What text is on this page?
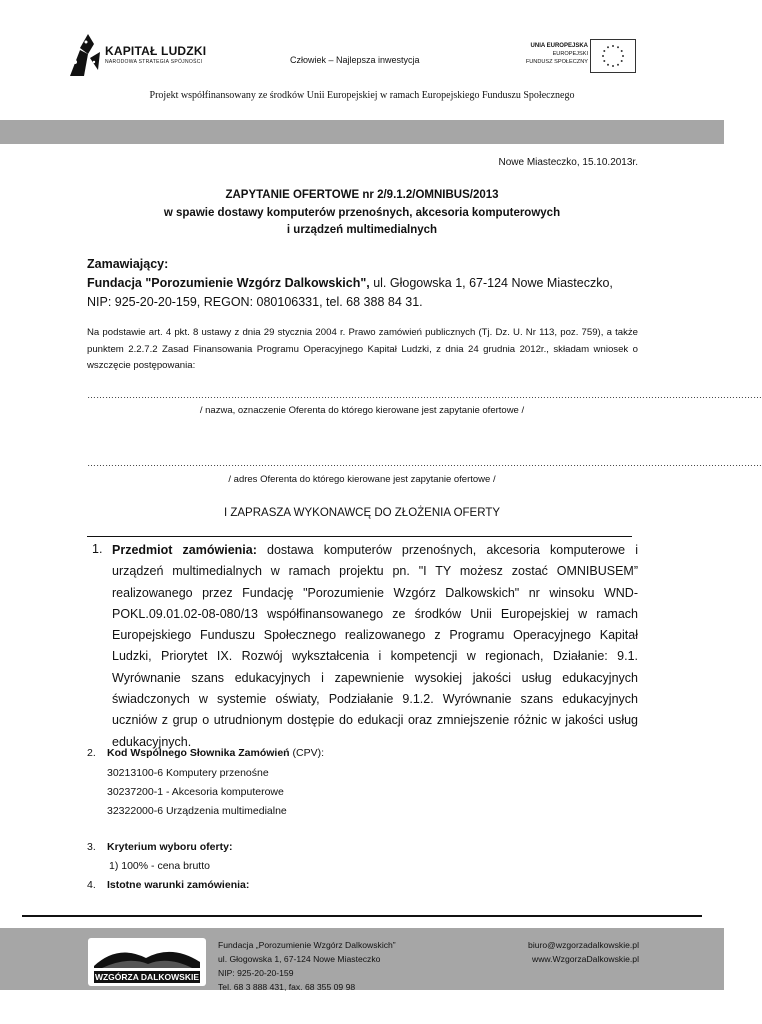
KAPITAŁ LUDZKI
NARODOWA STRATEGIA SPÓJNOŚCI	Człowiek – Najlepsza inwestycja
UNIA EUROPEJSKA
EUROPEJSKI
FUNDUSZ SPOŁECZNY
Projekt współfinansowany ze środków Unii Europejskiej w ramach Europejskiego Funduszu Społecznego
Nowe Miasteczko, 15.10.2013r.
ZAPYTANIE OFERTOWE nr 2/9.1.2/OMNIBUS/2013
w spawie dostawy komputerów przenośnych, akcesoria komputerowych
i urządzeń multimedialnych
Zamawiający:
Fundacja "Porozumienie Wzgórz Dalkowskich", ul. Głogowska 1, 67-124 Nowe Miasteczko,
NIP: 925-20-20-159, REGON: 080106331, tel. 68 388 84 31.
Na podstawie art. 4 pkt. 8 ustawy z dnia 29 stycznia 2004 r. Prawo zamówień publicznych (Tj. Dz. U. Nr 113, poz. 759), a także punktem 2.2.7.2 Zasad Finansowania Programu Operacyjnego Kapitał Ludzki, z dnia 24 grudnia 2012r., składam wniosek o wszczęcie postępowania:
………………………………………………………………………………………………………………………………………………………………………………………………………
/ nazwa, oznaczenie Oferenta do którego kierowane jest zapytanie ofertowe /
………………………………………………………………………………………………………………………………………………………………………………………………………
/ adres Oferenta do którego kierowane jest zapytanie ofertowe /
I ZAPRASZA WYKONAWCĘ DO ZŁOŻENIA OFERTY
1. Przedmiot zamówienia: dostawa komputerów przenośnych, akcesoria komputerowe i urządzeń multimedialnych w ramach projektu pn. "I TY możesz zostać OMNIBUSEM” realizowanego przez Fundację "Porozumienie Wzgórz Dalkowskich" nr winsoku WND-POKL.09.01.02-08-080/13 współfinansowanego ze środków Unii Europejskiej w ramach Europejskiego Funduszu Społecznego realizowanego z Programu Operacyjnego Kapitał Ludzki, Priorytet IX. Rozwój wykształcenia i kompetencji w regionach, Działanie: 9.1. Wyrównanie szans edukacyjnych i zapewnienie wysokiej jakości usług edukacyjnych świadczonych w systemie oświaty, Podziałanie 9.1.2. Wyrównanie szans edukacyjnych uczniów z grup o utrudnionym dostępie do edukacji oraz zmniejszenie różnic w jakości usług edukacyjnych.
2. Kod Wspólnego Słownika Zamówień (CPV):
30213100-6 Komputery przenośne
30237200-1 - Akcesoria komputerowe
32322000-6 Urządzenia multimedialne
3. Kryterium wyboru oferty:
1) 100% - cena brutto
4. Istotne warunki zamówienia:
WZGÓRZA DALKOWSKIE
Fundacja „Porozumienie Wzgórz Dalkowskich”
ul. Głogowska 1, 67-124 Nowe Miasteczko
NIP: 925-20-20-159
Tel. 68 3 888 431, fax. 68 355 09 98
biuro@wzgorzadalkowskie.pl
www.WzgorzaDalkowskie.pl
